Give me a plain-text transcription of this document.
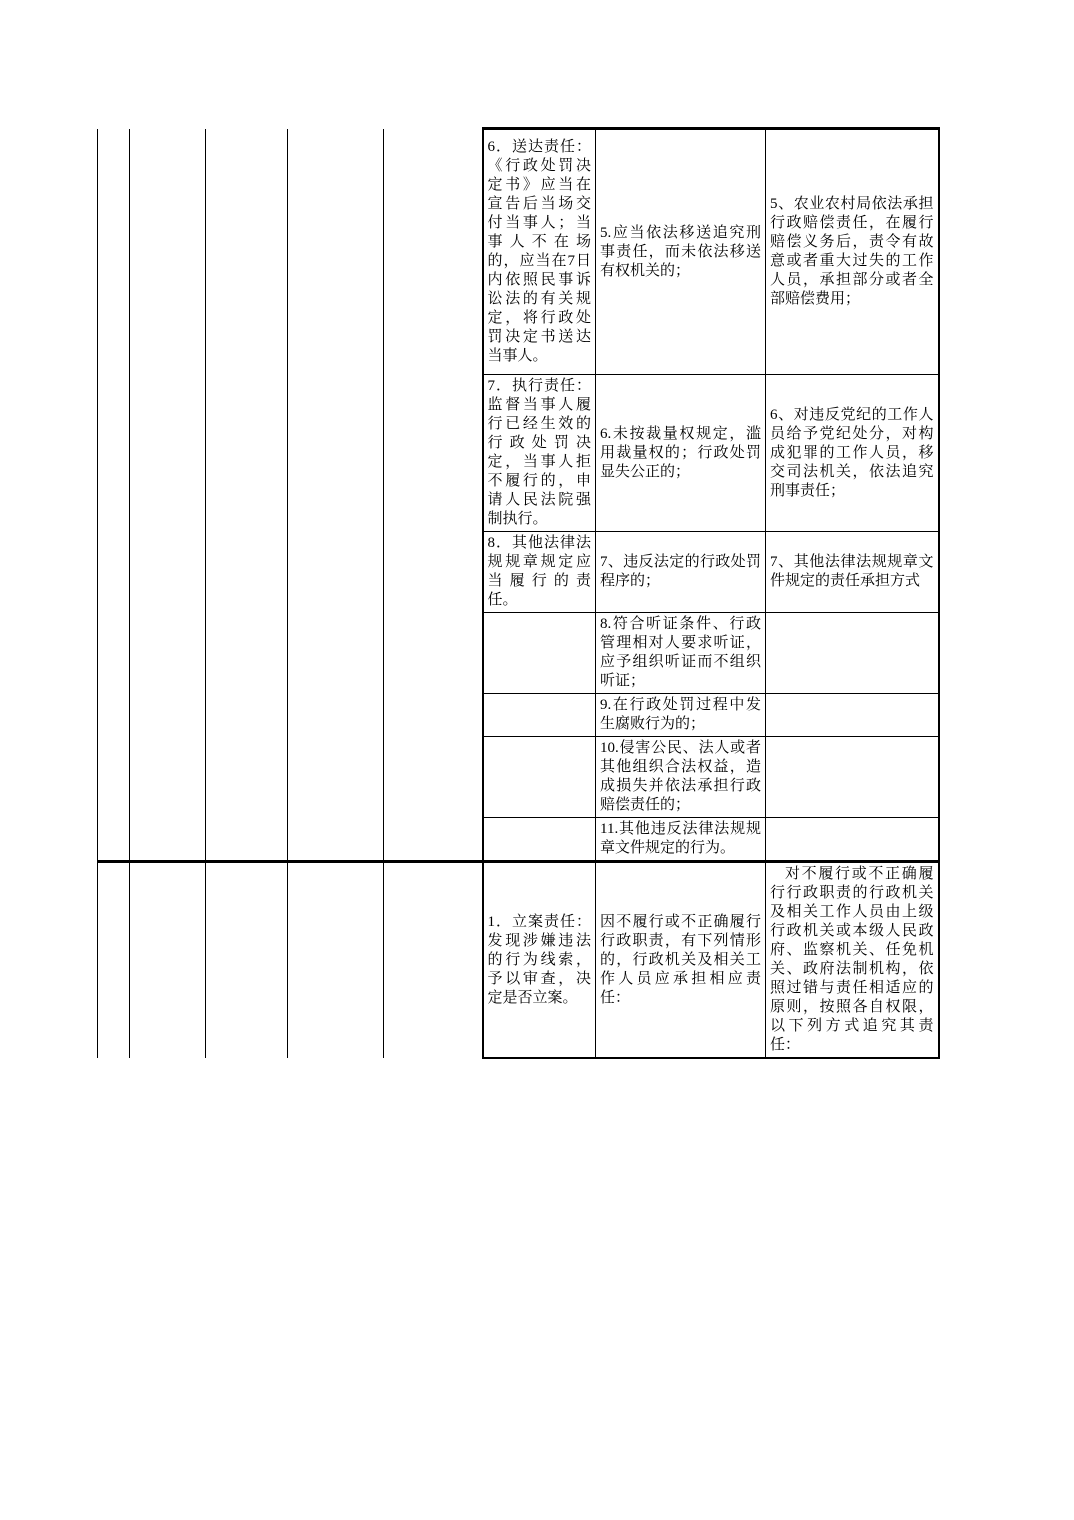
					6．送达责任：《行政处罚决定书》应当在宣告后当场交付当事人；当事人不在场的，应当在7日内依照民事诉讼法的有关规定，将行政处罚决定书送达当事人。	5.应当依法移送追究刑事责任，而未依法移送有权机关的；	5、农业农村局依法承担行政赔偿责任，在履行赔偿义务后，责令有故意或者重大过失的工作人员，承担部分或者全部赔偿费用；
					7．执行责任：监督当事人履行已经生效的行政处罚决定，当事人拒不履行的，申请人民法院强制执行。	6.未按裁量权规定，滥用裁量权的；行政处罚显失公正的；	6、对违反党纪的工作人员给予党纪处分，对构成犯罪的工作人员，移交司法机关，依法追究刑事责任；
					8．其他法律法规规章规定应当履行的责任。	7、违反法定的行政处罚程序的；	7、其他法律法规规章文件规定的责任承担方式
						8.符合听证条件、行政管理相对人要求听证，应予组织听证而不组织听证；	
						9.在行政处罚过程中发生腐败行为的；	
						10.侵害公民、法人或者其他组织合法权益，造成损失并依法承担行政赔偿责任的；	
						11.其他违反法律法规规章文件规定的行为。	
					1．立案责任：发现涉嫌违法的行为线索，予以审查，决定是否立案。	因不履行或不正确履行行政职责，有下列情形的，行政机关及相关工作人员应承担相应责任：	对不履行或不正确履行行政职责的行政机关及相关工作人员由上级行政机关或本级人民政府、监察机关、任免机关、政府法制机构，依照过错与责任相适应的原则，按照各自权限，以下列方式追究其责任：
